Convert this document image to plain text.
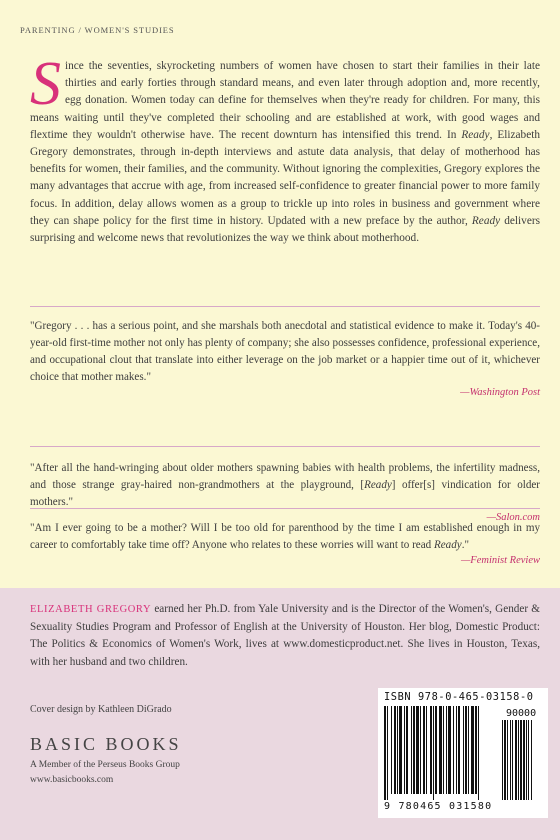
PARENTING / WOMEN'S STUDIES
Since the seventies, skyrocketing numbers of women have chosen to start their families in their late thirties and early forties through standard means, and even later through adoption and, more recently, egg donation. Women today can define for themselves when they're ready for children. For many, this means waiting until they've completed their schooling and are established at work, with good wages and flextime they wouldn't otherwise have. The recent downturn has intensified this trend. In Ready, Elizabeth Gregory demonstrates, through in-depth interviews and astute data analysis, that delay of motherhood has benefits for women, their families, and the community. Without ignoring the complexities, Gregory explores the many advantages that accrue with age, from increased self-confidence to greater financial power to more family focus. In addition, delay allows women as a group to trickle up into roles in business and government where they can shape policy for the first time in history. Updated with a new preface by the author, Ready delivers surprising and welcome news that revolutionizes the way we think about motherhood.
"Gregory . . . has a serious point, and she marshals both anecdotal and statistical evidence to make it. Today's 40-year-old first-time mother not only has plenty of company; she also possesses confidence, professional experience, and occupational clout that translate into either leverage on the job market or a happier time out of it, whichever choice that mother makes."
—Washington Post
"After all the hand-wringing about older mothers spawning babies with health problems, the infertility madness, and those strange gray-haired non-grandmothers at the playground, [Ready] offer[s] vindication for older mothers."
—Salon.com
"Am I ever going to be a mother? Will I be too old for parenthood by the time I am established enough in my career to comfortably take time off? Anyone who relates to these worries will want to read Ready."
—Feminist Review
ELIZABETH GREGORY earned her Ph.D. from Yale University and is the Director of the Women's, Gender & Sexuality Studies Program and Professor of English at the University of Houston. Her blog, Domestic Product: The Politics & Economics of Women's Work, lives at www.domesticproduct.net. She lives in Houston, Texas, with her husband and two children.
Cover design by Kathleen DiGrado
BASIC BOOKS
A Member of the Perseus Books Group
www.basicbooks.com
ISBN 978-0-465-03158-0
90000
9 780465 031580
